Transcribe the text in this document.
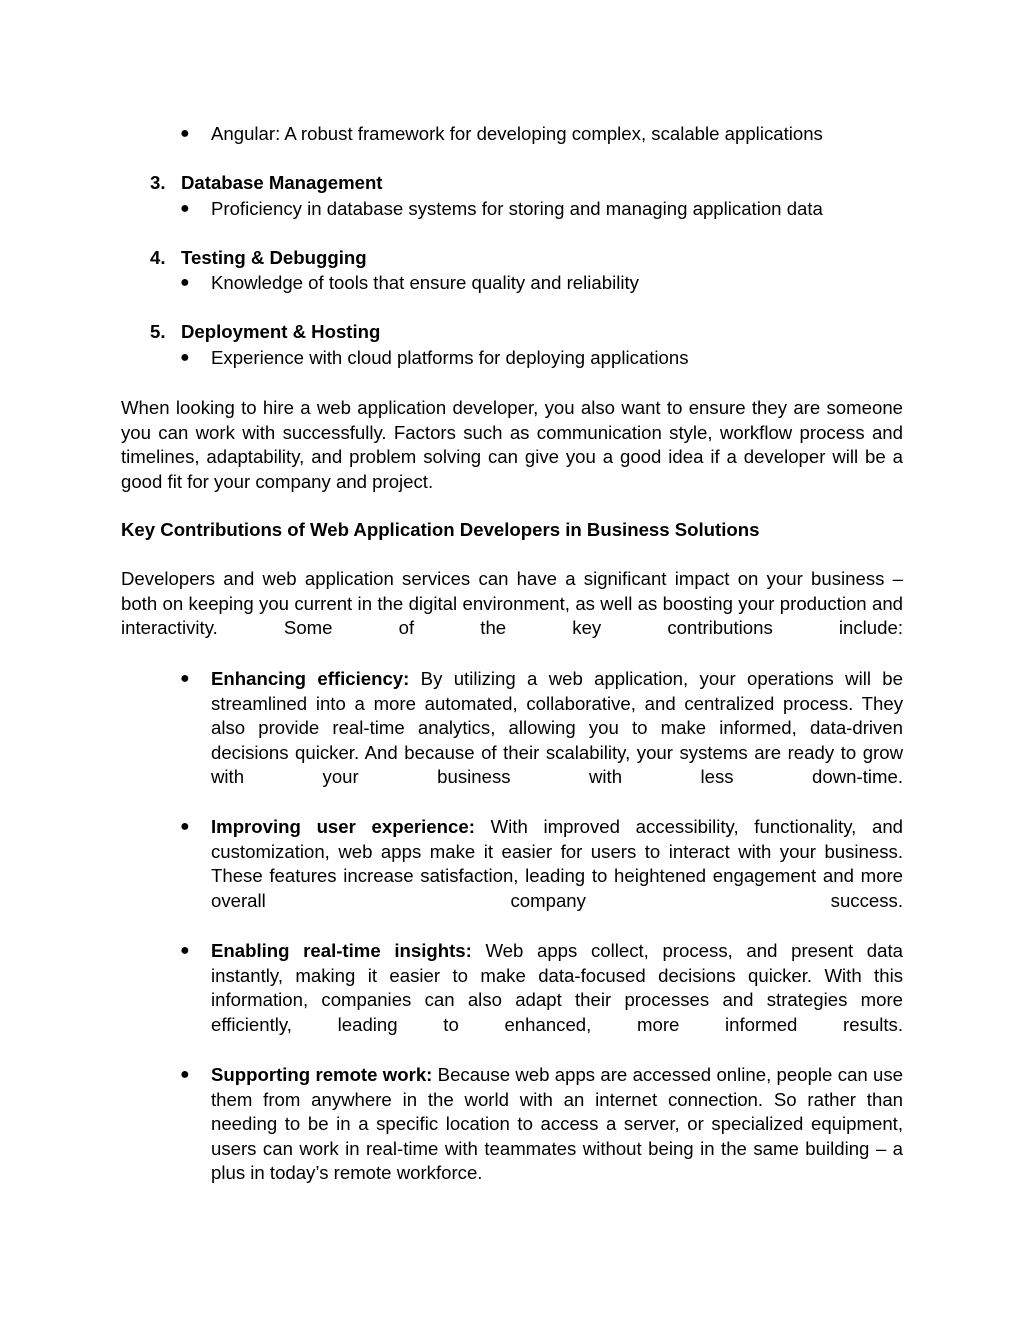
● Angular: A robust framework for developing complex, scalable applications
3. Database Management
● Proficiency in database systems for storing and managing application data
4. Testing & Debugging
● Knowledge of tools that ensure quality and reliability
5. Deployment & Hosting
● Experience with cloud platforms for deploying applications
When looking to hire a web application developer, you also want to ensure they are someone you can work with successfully. Factors such as communication style, workflow process and timelines, adaptability, and problem solving can give you a good idea if a developer will be a good fit for your company and project.
Key Contributions of Web Application Developers in Business Solutions
Developers and web application services can have a significant impact on your business – both on keeping you current in the digital environment, as well as boosting your production and interactivity. Some of the key contributions include:
● Enhancing efficiency: By utilizing a web application, your operations will be streamlined into a more automated, collaborative, and centralized process. They also provide real-time analytics, allowing you to make informed, data-driven decisions quicker. And because of their scalability, your systems are ready to grow with your business with less down-time.
● Improving user experience: With improved accessibility, functionality, and customization, web apps make it easier for users to interact with your business. These features increase satisfaction, leading to heightened engagement and more overall company success.
● Enabling real-time insights: Web apps collect, process, and present data instantly, making it easier to make data-focused decisions quicker. With this information, companies can also adapt their processes and strategies more efficiently, leading to enhanced, more informed results.
● Supporting remote work: Because web apps are accessed online, people can use them from anywhere in the world with an internet connection. So rather than needing to be in a specific location to access a server, or specialized equipment, users can work in real-time with teammates without being in the same building – a plus in today’s remote workforce.
